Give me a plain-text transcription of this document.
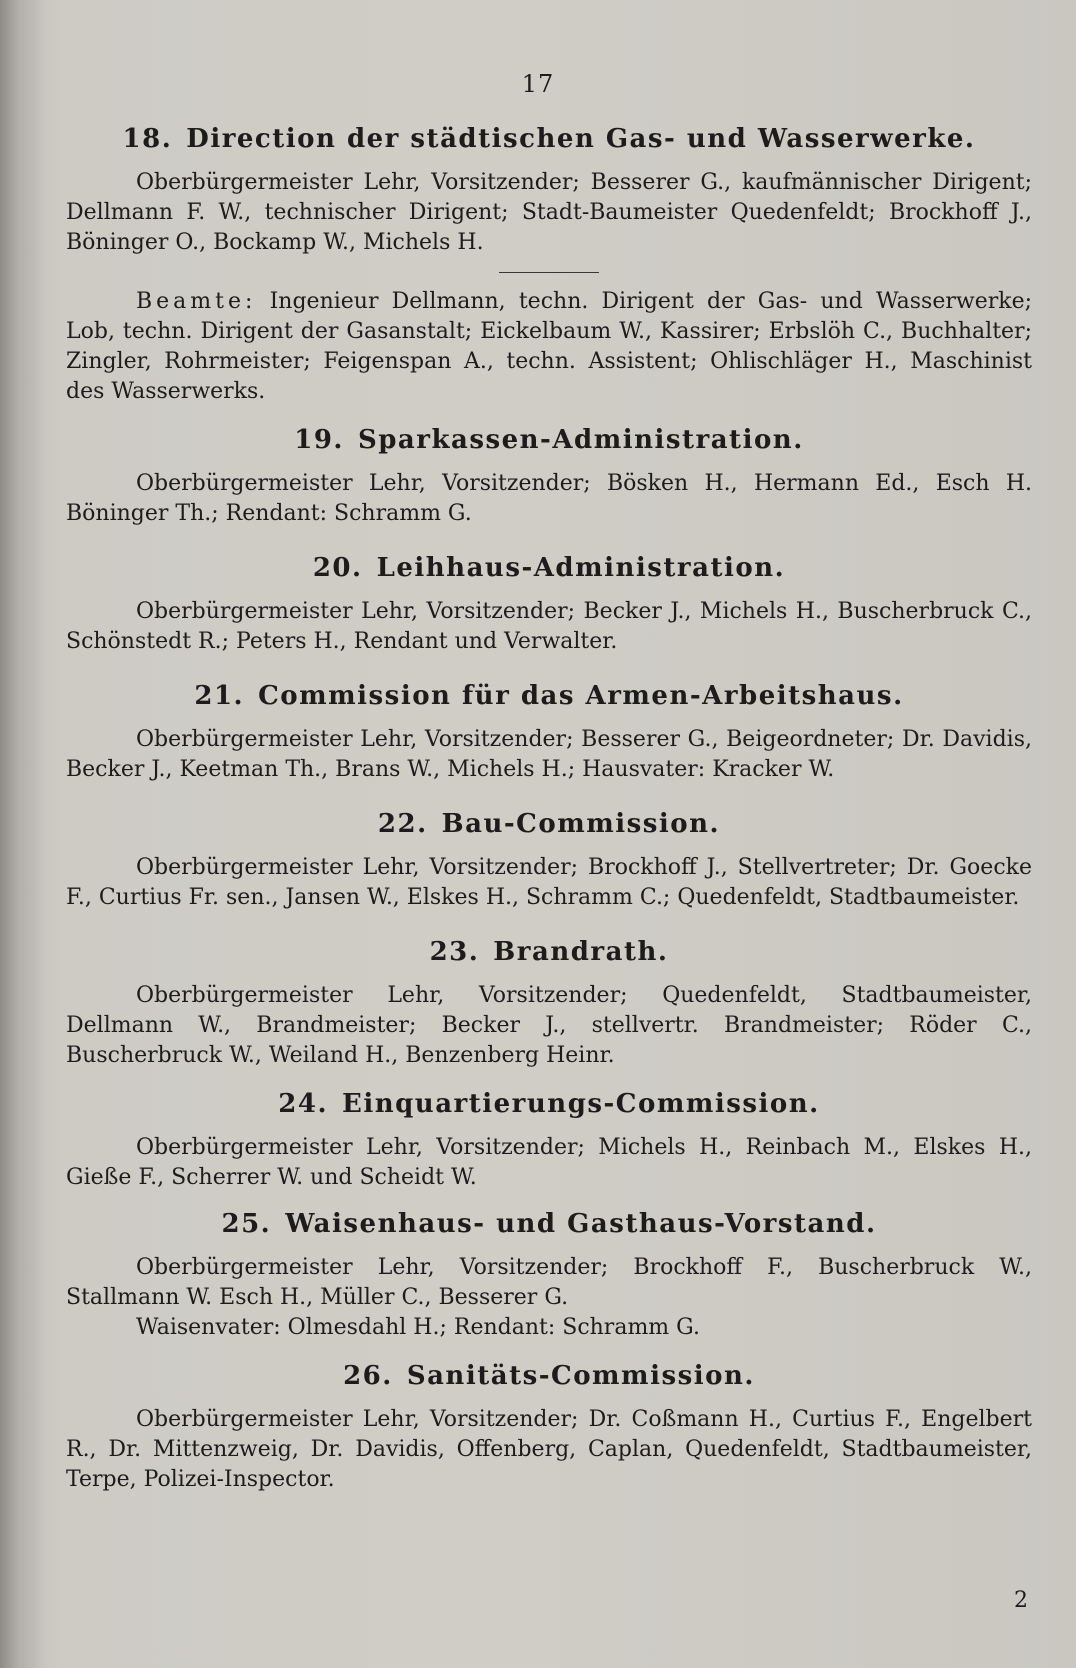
17
18. Direction der städtischen Gas- und Wasserwerke.

Oberbürgermeister Lehr, Vorsitzender; Besserer G., kaufmännischer Dirigent; Dellmann F. W., technischer Dirigent; Stadt-Baumeister Quedenfeldt; Brockhoff J., Böninger O., Bockamp W., Michels H.

Beamte: Ingenieur Dellmann, techn. Dirigent der Gas- und Wasserwerke; Lob, techn. Dirigent der Gasanstalt; Eickelbaum W., Kassirer; Erbslöh C., Buchhalter; Zingler, Rohrmeister; Feigenspan A., techn. Assistent; Ohlischläger H., Maschinist des Wasserwerks.

19. Sparkassen-Administration.

Oberbürgermeister Lehr, Vorsitzender; Bösken H., Hermann Ed., Esch H. Böninger Th.; Rendant: Schramm G.

20. Leihhaus-Administration.

Oberbürgermeister Lehr, Vorsitzender; Becker J., Michels H., Buscherbruck C., Schönstedt R.; Peters H., Rendant und Verwalter.

21. Commission für das Armen-Arbeitshaus.

Oberbürgermeister Lehr, Vorsitzender; Besserer G., Beigeordneter; Dr. Davidis, Becker J., Keetman Th., Brans W., Michels H.; Hausvater: Kracker W.

22. Bau-Commission.

Oberbürgermeister Lehr, Vorsitzender; Brockhoff J., Stellvertreter; Dr. Goecke F., Curtius Fr. sen., Jansen W., Elskes H., Schramm C.; Quedenfeldt, Stadtbaumeister.

23. Brandrath.

Oberbürgermeister Lehr, Vorsitzender; Quedenfeldt, Stadtbaumeister, Dellmann W., Brandmeister; Becker J., stellvertr. Brandmeister; Röder C., Buscherbruck W., Weiland H., Benzenberg Heinr.

24. Einquartierungs-Commission.

Oberbürgermeister Lehr, Vorsitzender; Michels H., Reinbach M., Elskes H., Gieße F., Scherrer W. und Scheidt W.

25. Waisenhaus- und Gasthaus-Vorstand.

Oberbürgermeister Lehr, Vorsitzender; Brockhoff F., Buscherbruck W., Stallmann W. Esch H., Müller C., Besserer G.

Waisenvater: Olmesdahl H.; Rendant: Schramm G.

26. Sanitäts-Commission.

Oberbürgermeister Lehr, Vorsitzender; Dr. Coßmann H., Curtius F., Engelbert R., Dr. Mittenzweig, Dr. Davidis, Offenberg, Caplan, Quedenfeldt, Stadtbaumeister, Terpe, Polizei-Inspector.

2
